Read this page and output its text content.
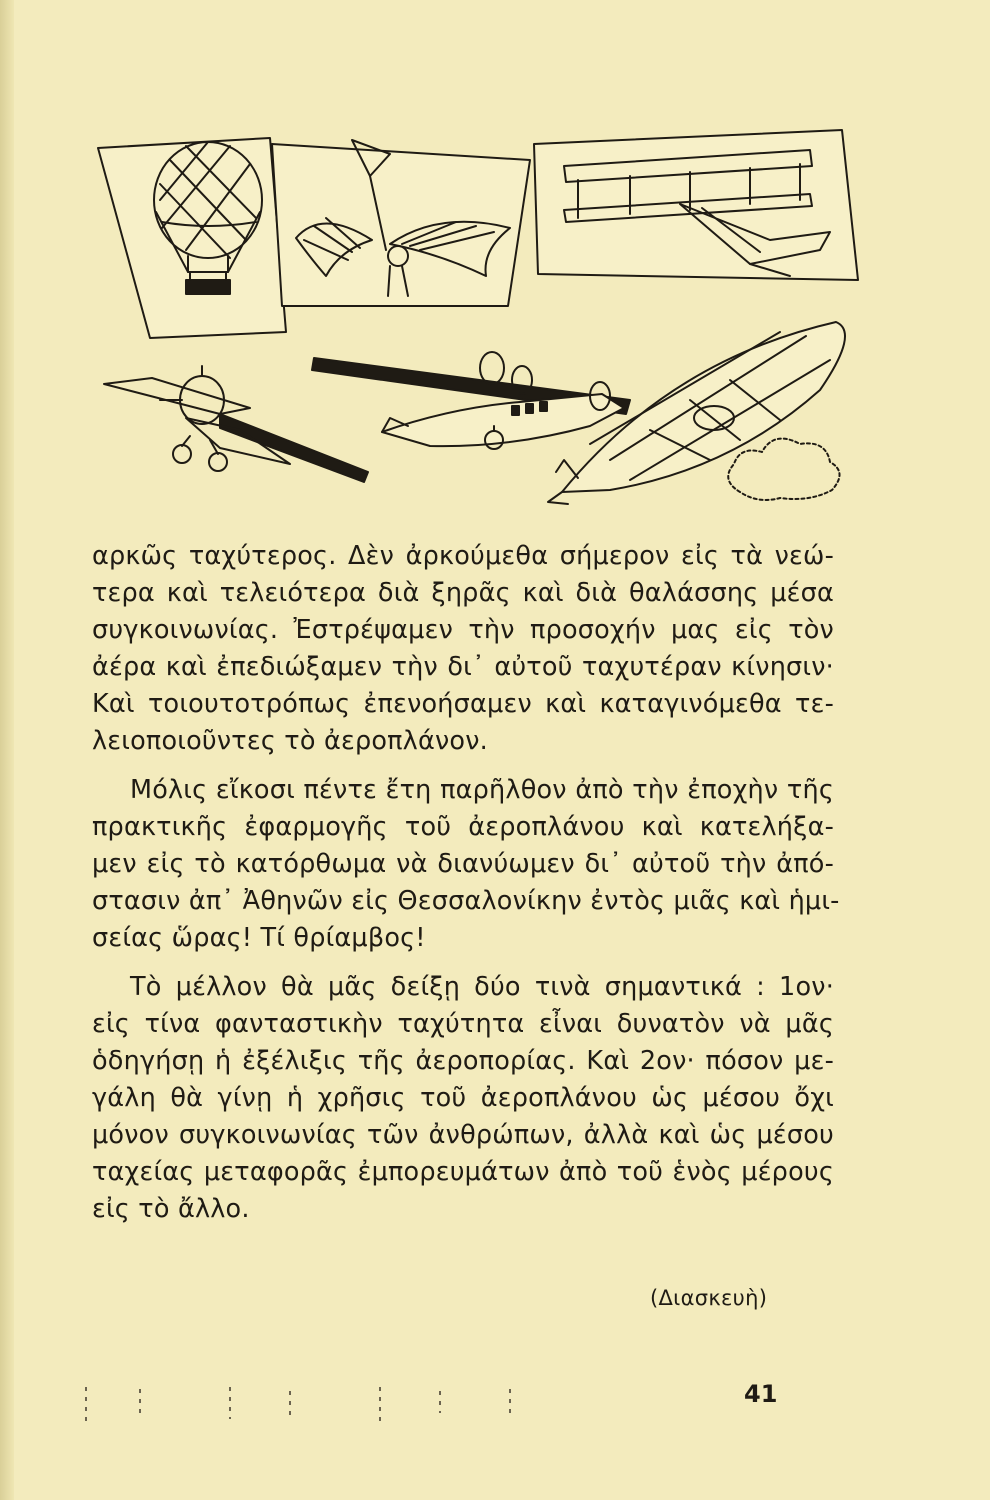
αρκῶς ταχύτερος. Δὲν ἀρκούμεθα σήμερον εἰς τὰ νεώ-
τερα καὶ τελειότερα διὰ ξηρᾶς καὶ διὰ θαλάσσης μέσα
συγκοινωνίας. Ἐστρέψαμεν τὴν προσοχήν μας εἰς τὸν
ἀέρα καὶ ἐπεδιώξαμεν τὴν δι᾿ αὐτοῦ ταχυτέραν κίνησιν·
Καὶ τοιουτοτρόπως ἐπενοήσαμεν καὶ καταγινόμεθα τε-
λειοποιοῦντες τὸ ἀεροπλάνον.
Μόλις εἴκοσι πέντε ἔτη παρῆλθον ἀπὸ τὴν ἐποχὴν τῆς
πρακτικῆς ἐφαρμογῆς τοῦ ἀεροπλάνου καὶ κατελήξα-
μεν εἰς τὸ κατόρθωμα νὰ διανύωμεν δι᾿ αὐτοῦ τὴν ἀπό-
στασιν ἀπ᾿ Ἀθηνῶν εἰς Θεσσαλονίκην ἐντὸς μιᾶς καὶ ἡμι-
σείας ὥρας! Τί θρίαμβος!
Τὸ μέλλον θὰ μᾶς δείξῃ δύο τινὰ σημαντικά : 1ον·
εἰς τίνα φανταστικὴν ταχύτητα εἶναι δυνατὸν νὰ μᾶς
ὁδηγήσῃ ἡ ἐξέλιξις τῆς ἀεροπορίας. Καὶ 2ον· πόσον με-
γάλη θὰ γίνῃ ἡ χρῆσις τοῦ ἀεροπλάνου ὡς μέσου ὄχι
μόνον συγκοινωνίας τῶν ἀνθρώπων, ἀλλὰ καὶ ὡς μέσου
ταχείας μεταφορᾶς ἐμπορευμάτων ἀπὸ τοῦ ἑνὸς μέρους
εἰς τὸ ἄλλο.
(Διασκευὴ)
41
